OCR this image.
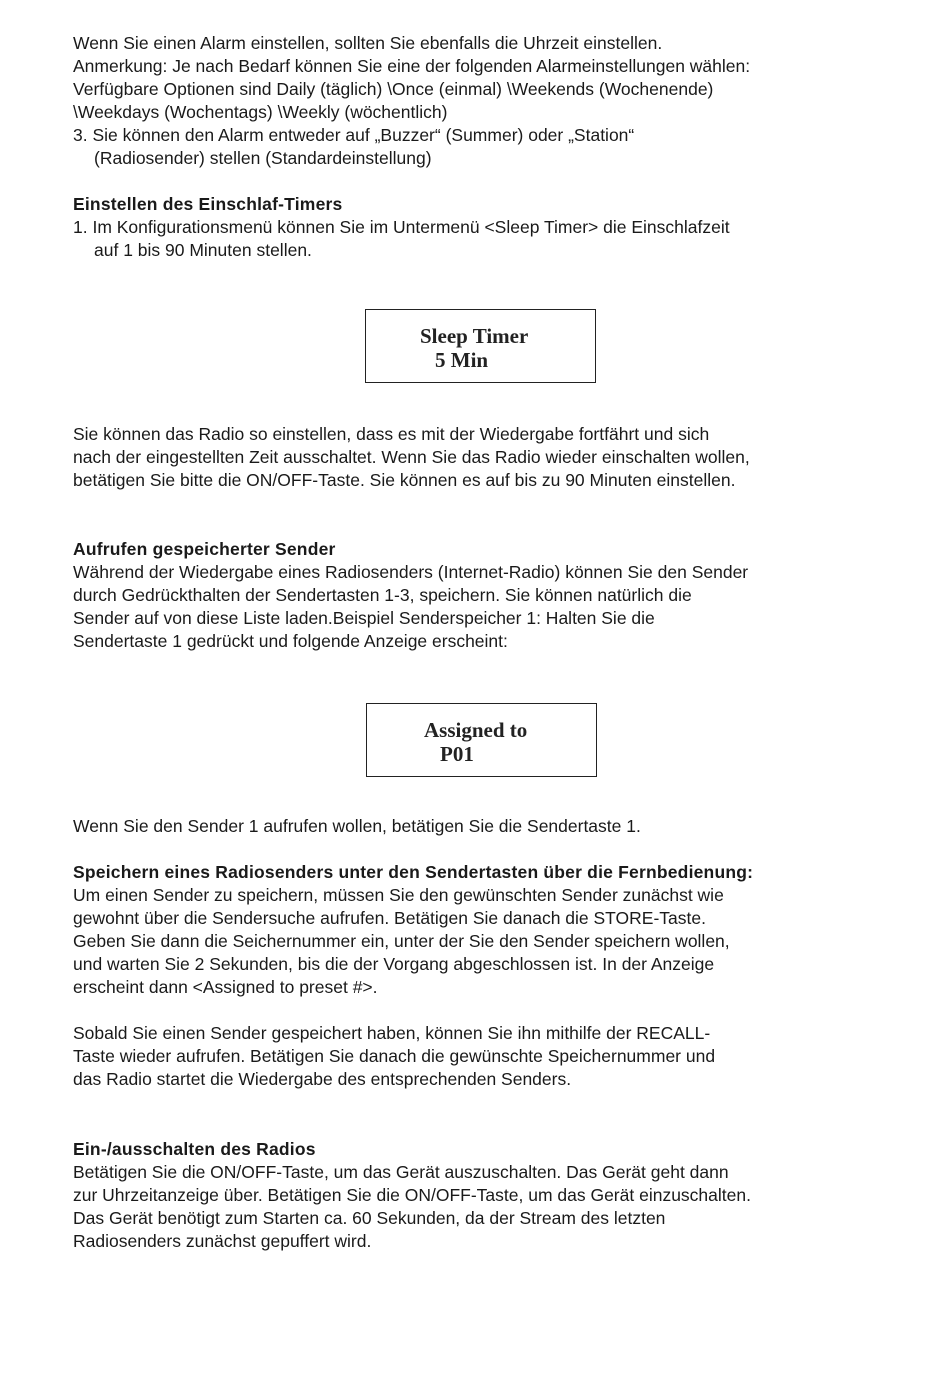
Wenn Sie einen Alarm einstellen, sollten Sie ebenfalls die Uhrzeit einstellen.
Anmerkung: Je nach Bedarf können Sie eine der folgenden Alarmeinstellungen wählen:
Verfügbare Optionen sind Daily (täglich) \Once (einmal) \Weekends (Wochenende)
\Weekdays (Wochentags) \Weekly (wöchentlich)
3. Sie können den Alarm entweder auf „Buzzer“ (Summer) oder „Station“
(Radiosender) stellen (Standardeinstellung)
Einstellen des Einschlaf-Timers
1. Im Konfigurationsmenü können Sie im Untermenü <Sleep Timer> die Einschlafzeit
auf 1 bis 90 Minuten stellen.
Sleep Timer
5 Min
Sie können das Radio so einstellen, dass es mit der Wiedergabe fortfährt und sich
nach der eingestellten Zeit ausschaltet. Wenn Sie das Radio wieder einschalten wollen,
betätigen Sie bitte die ON/OFF-Taste. Sie können es auf bis zu 90 Minuten einstellen.
Aufrufen gespeicherter Sender
Während der Wiedergabe eines Radiosenders (Internet-Radio) können Sie den Sender
durch Gedrückthalten der Sendertasten 1-3, speichern. Sie können natürlich die
Sender auf von diese Liste laden.Beispiel Senderspeicher 1: Halten Sie die
Sendertaste 1 gedrückt und folgende Anzeige erscheint:
Assigned to
P01
Wenn Sie den Sender 1 aufrufen wollen, betätigen Sie die Sendertaste 1.
Speichern eines Radiosenders unter den Sendertasten über die Fernbedienung:
Um einen Sender zu speichern, müssen Sie den gewünschten Sender zunächst wie
gewohnt über die Sendersuche aufrufen. Betätigen Sie danach die STORE-Taste.
Geben Sie dann die Seichernummer ein, unter der Sie den Sender speichern wollen,
und warten Sie 2 Sekunden, bis die der Vorgang abgeschlossen ist. In der Anzeige
erscheint dann <Assigned to preset #>.
Sobald Sie einen Sender gespeichert haben, können Sie ihn mithilfe der RECALL-
Taste wieder aufrufen. Betätigen Sie danach die gewünschte Speichernummer und
das Radio startet die Wiedergabe des entsprechenden Senders.
Ein-/ausschalten des Radios
Betätigen Sie die ON/OFF-Taste, um das Gerät auszuschalten. Das Gerät geht dann
zur Uhrzeitanzeige über. Betätigen Sie die ON/OFF-Taste, um das Gerät einzuschalten.
Das Gerät benötigt zum Starten ca. 60 Sekunden, da der Stream des letzten
Radiosenders zunächst gepuffert wird.
